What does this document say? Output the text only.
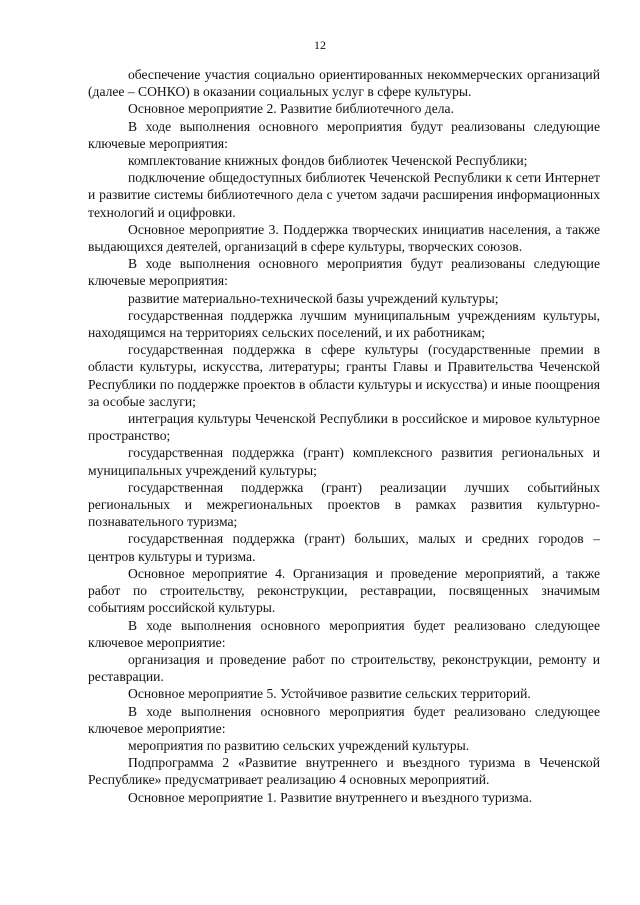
12

обеспечение участия социально ориентированных некоммерческих организаций (далее – СОНКО) в оказании социальных услуг в сфере культуры.

Основное мероприятие 2. Развитие библиотечного дела.

В ходе выполнения основного мероприятия будут реализованы следующие ключевые мероприятия:

комплектование книжных фондов библиотек Чеченской Республики;

подключение общедоступных библиотек Чеченской Республики к сети Интернет и развитие системы библиотечного дела с учетом задачи расширения информационных технологий и оцифровки.

Основное мероприятие 3. Поддержка творческих инициатив населения, а также выдающихся деятелей, организаций в сфере культуры, творческих союзов.

В ходе выполнения основного мероприятия будут реализованы следующие ключевые мероприятия:

развитие материально-технической базы учреждений культуры;

государственная поддержка лучшим муниципальным учреждениям культуры, находящимся на территориях сельских поселений, и их работникам;

государственная поддержка в сфере культуры (государственные премии в области культуры, искусства, литературы; гранты Главы и Правительства Чеченской Республики по поддержке проектов в области культуры и искусства) и иные поощрения за особые заслуги;

интеграция культуры Чеченской Республики в российское и мировое культурное пространство;

государственная поддержка (грант) комплексного развития региональных и муниципальных учреждений культуры;

государственная поддержка (грант) реализации лучших событийных региональных и межрегиональных проектов в рамках развития культурно-познавательного туризма;

государственная поддержка (грант) больших, малых и средних городов – центров культуры и туризма.

Основное мероприятие 4. Организация и проведение мероприятий, а также работ по строительству, реконструкции, реставрации, посвященных значимым событиям российской культуры.

В ходе выполнения основного мероприятия будет реализовано следующее ключевое мероприятие:

организация и проведение работ по строительству, реконструкции, ремонту и реставрации.

Основное мероприятие 5. Устойчивое развитие сельских территорий.

В ходе выполнения основного мероприятия будет реализовано следующее ключевое мероприятие:

мероприятия по развитию сельских учреждений культуры.

Подпрограмма 2 «Развитие внутреннего и въездного туризма в Чеченской Республике» предусматривает реализацию 4 основных мероприятий.

Основное мероприятие 1. Развитие внутреннего и въездного туризма.
